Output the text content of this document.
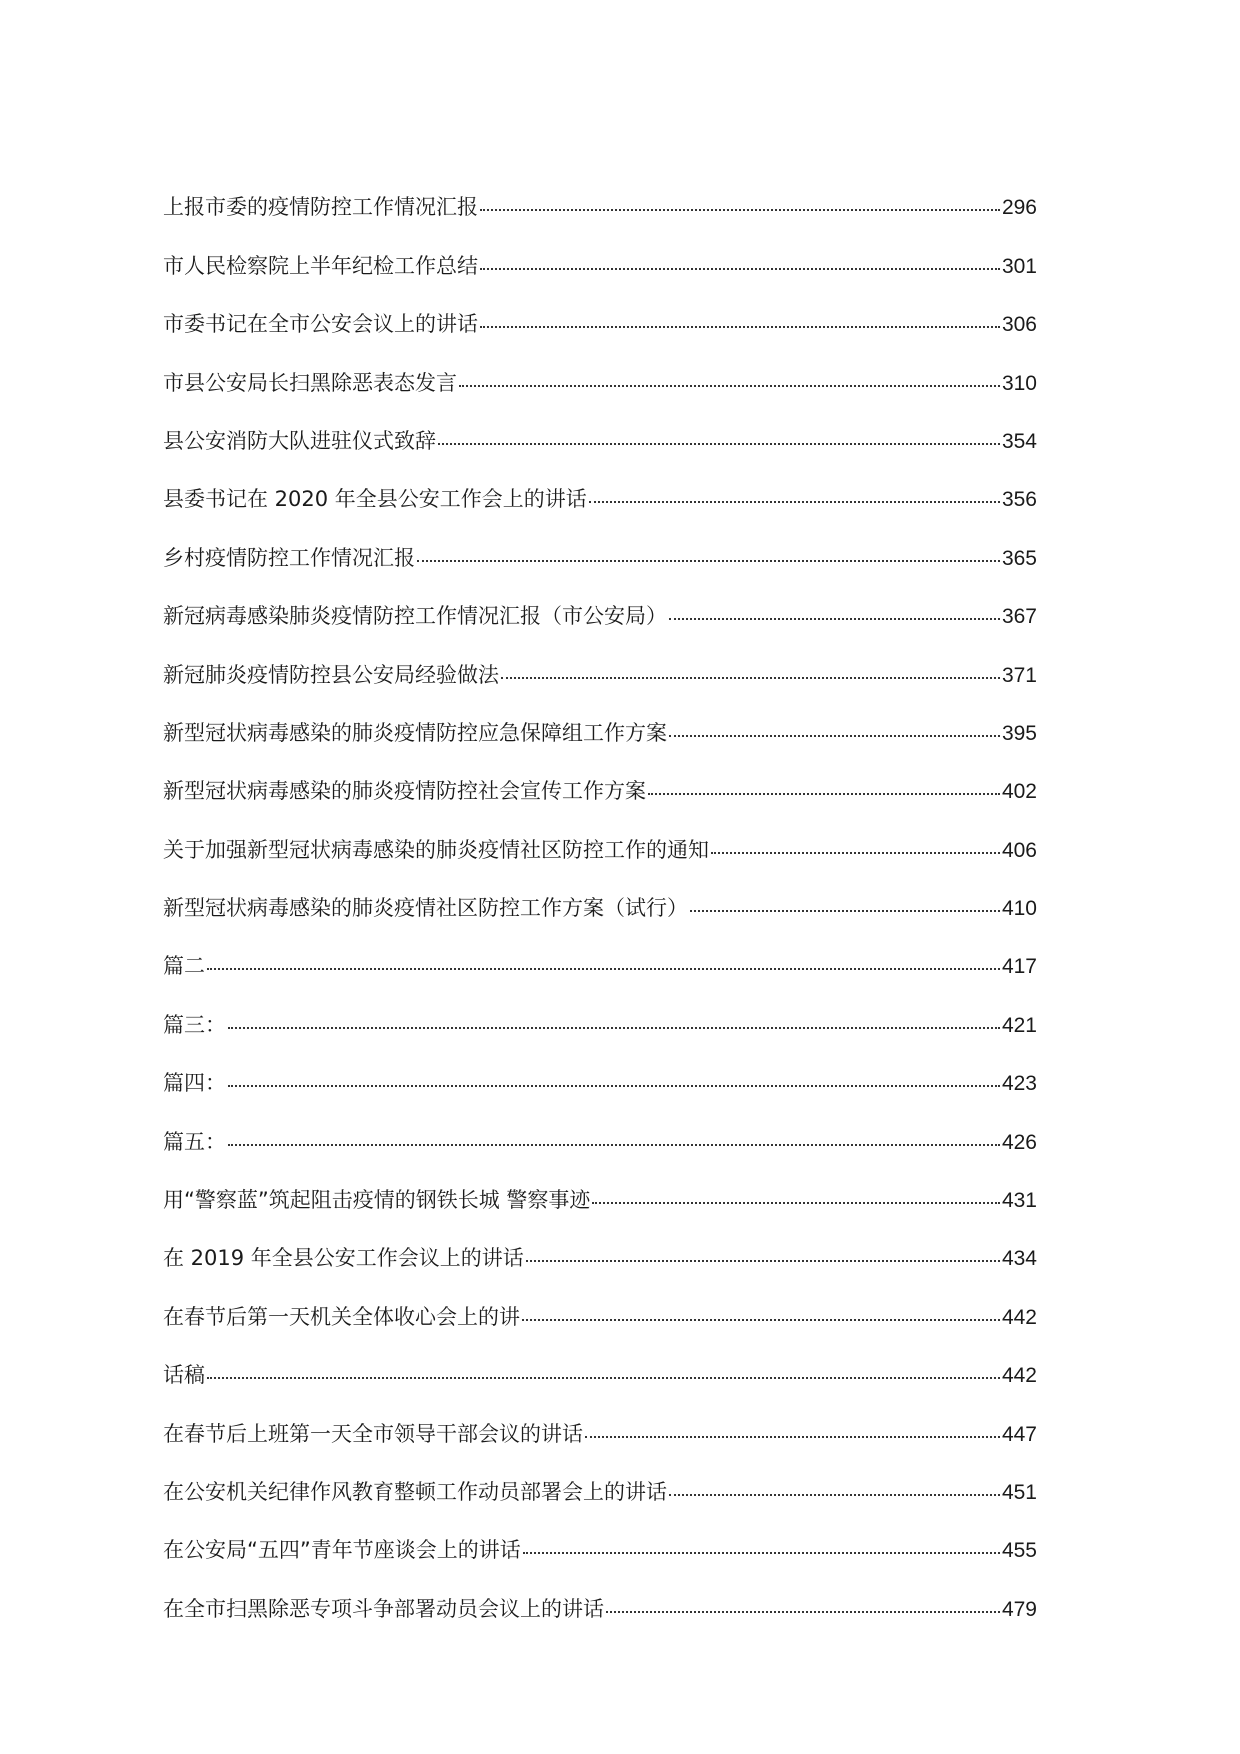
上报市委的疫情防控工作情况汇报	296
市人民检察院上半年纪检工作总结	301
市委书记在全市公安会议上的讲话	306
市县公安局长扫黑除恶表态发言	310
县公安消防大队进驻仪式致辞	354
县委书记在 2020 年全县公安工作会上的讲话	356
乡村疫情防控工作情况汇报	365
新冠病毒感染肺炎疫情防控工作情况汇报（市公安局）	367
新冠肺炎疫情防控县公安局经验做法	371
新型冠状病毒感染的肺炎疫情防控应急保障组工作方案	395
新型冠状病毒感染的肺炎疫情防控社会宣传工作方案	402
关于加强新型冠状病毒感染的肺炎疫情社区防控工作的通知	406
新型冠状病毒感染的肺炎疫情社区防控工作方案（试行）	410
篇二	417
篇三：	421
篇四：	423
篇五：	426
用“警察蓝”筑起阻击疫情的钢铁长城 警察事迹	431
在 2019 年全县公安工作会议上的讲话	434
在春节后第一天机关全体收心会上的讲	442
话稿	442
在春节后上班第一天全市领导干部会议的讲话	447
在公安机关纪律作风教育整顿工作动员部署会上的讲话	451
在公安局“五四”青年节座谈会上的讲话	455
在全市扫黑除恶专项斗争部署动员会议上的讲话	479
